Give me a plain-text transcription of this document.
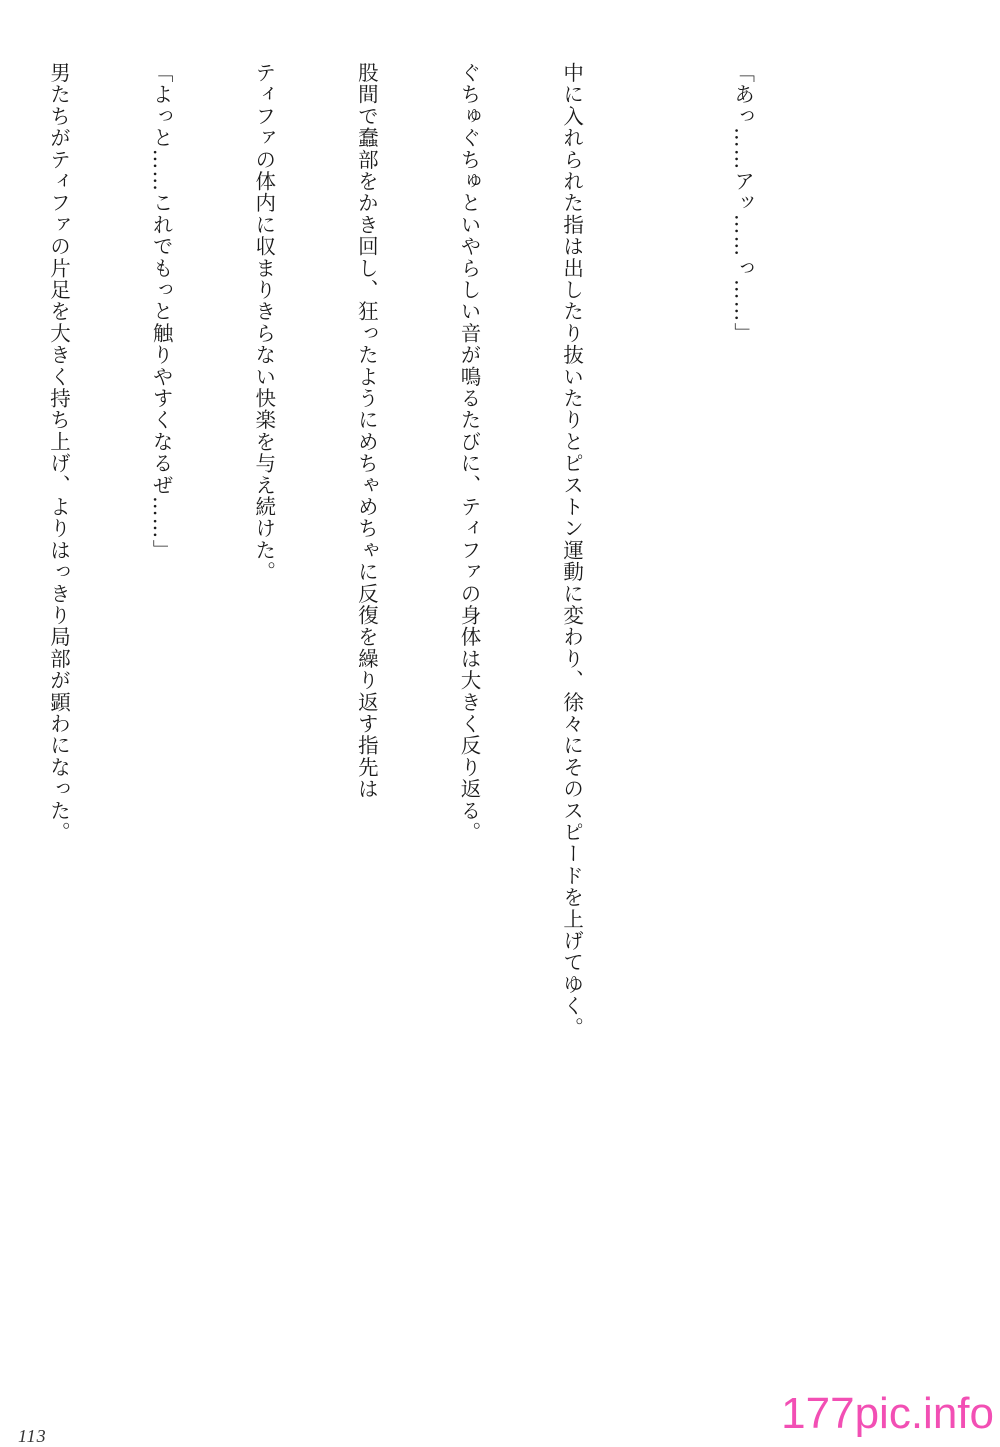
「あっ……アッ……っ……」

中に入れられた指は出したり抜いたりとピストン運動に変わり、徐々にそのスピードを上げてゆく。

ぐちゅぐちゅといやらしい音が鳴るたびに、ティファの身体は大きく反り返る。

股間で蠢部をかき回し、狂ったようにめちゃめちゃに反復を繰り返す指先は

ティファの体内に収まりきらない快楽を与え続けた。

「よっと……これでもっと触りやすくなるぜ……」

男たちがティファの片足を大きく持ち上げ、よりはっきり局部が顕わになった。

113	177pic.info
